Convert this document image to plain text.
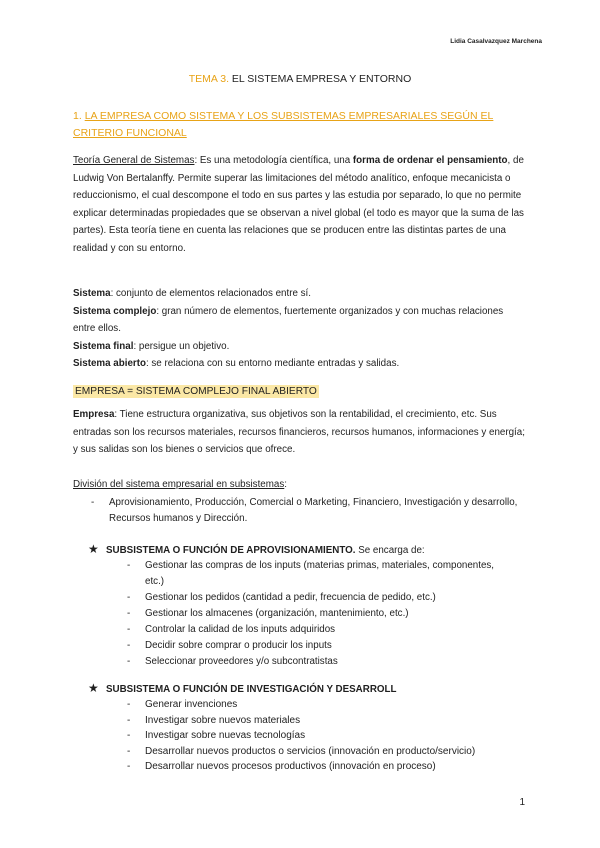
Lidia Casalvazquez Marchena
TEMA 3. EL SISTEMA EMPRESA Y ENTORNO
1. LA EMPRESA COMO SISTEMA Y LOS SUBSISTEMAS EMPRESARIALES SEGÚN EL CRITERIO FUNCIONAL
Teoría General de Sistemas: Es una metodología científica, una forma de ordenar el pensamiento, de Ludwig Von Bertalanffy. Permite superar las limitaciones del método analítico, enfoque mecanicista o reduccionismo, el cual descompone el todo en sus partes y las estudia por separado, lo que no permite explicar determinadas propiedades que se observan a nivel global (el todo es mayor que la suma de las partes). Esta teoría tiene en cuenta las relaciones que se producen entre las distintas partes de una realidad y con su entorno.
Sistema: conjunto de elementos relacionados entre sí.
Sistema complejo: gran número de elementos, fuertemente organizados y con muchas relaciones entre ellos.
Sistema final: persigue un objetivo.
Sistema abierto: se relaciona con su entorno mediante entradas y salidas.
EMPRESA = SISTEMA COMPLEJO FINAL ABIERTO
Empresa: Tiene estructura organizativa, sus objetivos son la rentabilidad, el crecimiento, etc. Sus entradas son los recursos materiales, recursos financieros, recursos humanos, informaciones y energía; y sus salidas son los bienes o servicios que ofrece.
División del sistema empresarial en subsistemas:
- Aprovisionamiento, Producción, Comercial o Marketing, Financiero, Investigación y desarrollo, Recursos humanos y Dirección.
★ SUBSISTEMA O FUNCIÓN DE APROVISIONAMIENTO. Se encarga de:
- Gestionar las compras de los inputs (materias primas, materiales, componentes, etc.)
- Gestionar los pedidos (cantidad a pedir, frecuencia de pedido, etc.)
- Gestionar los almacenes (organización, mantenimiento, etc.)
- Controlar la calidad de los inputs adquiridos
- Decidir sobre comprar o producir los inputs
- Seleccionar proveedores y/o subcontratistas
★ SUBSISTEMA O FUNCIÓN DE INVESTIGACIÓN Y DESARROLL
- Generar invenciones
- Investigar sobre nuevos materiales
- Investigar sobre nuevas tecnologías
- Desarrollar nuevos productos o servicios (innovación en producto/servicio)
- Desarrollar nuevos procesos productivos (innovación en proceso)
1
